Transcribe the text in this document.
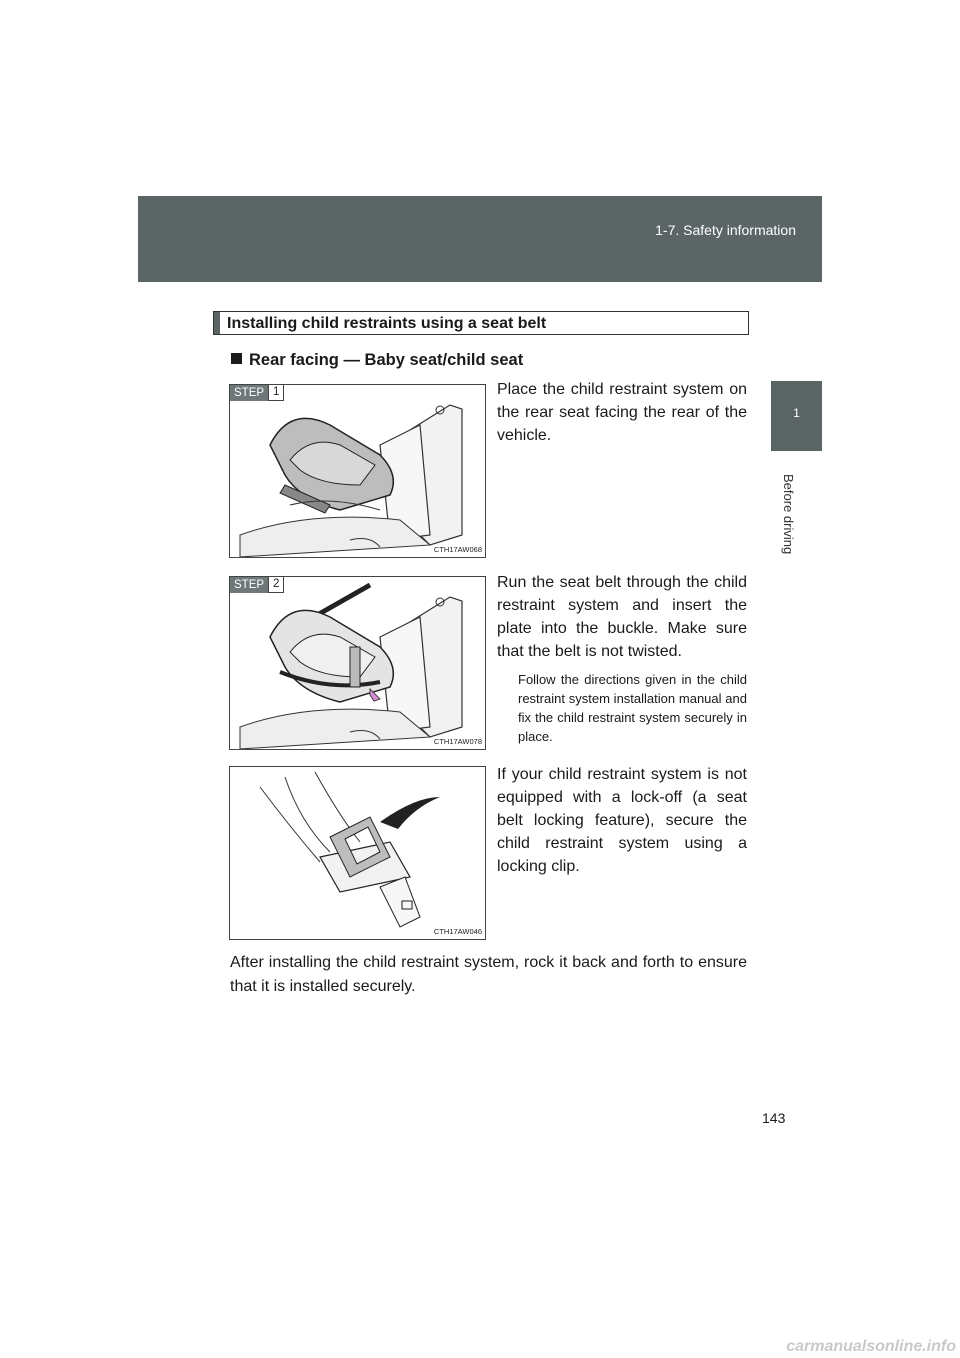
1-7. Safety information
1
Before driving
Installing child restraints using a seat belt
Rear facing — Baby seat/child seat
STEP 1
CTH17AW068
STEP 2
CTH17AW078
CTH17AW046
Place the child restraint system on the rear seat facing the rear of the vehicle.
Run the seat belt through the child restraint system and insert the plate into the buckle. Make sure that the belt is not twisted.
Follow the directions given in the child restraint system installation manual and fix the child restraint system securely in place.
If your child restraint system is not equipped with a lock-off (a seat belt locking feature), secure the child restraint system using a locking clip.
After installing the child restraint system, rock it back and forth to ensure that it is installed securely.
143
carmanualsonline.info
